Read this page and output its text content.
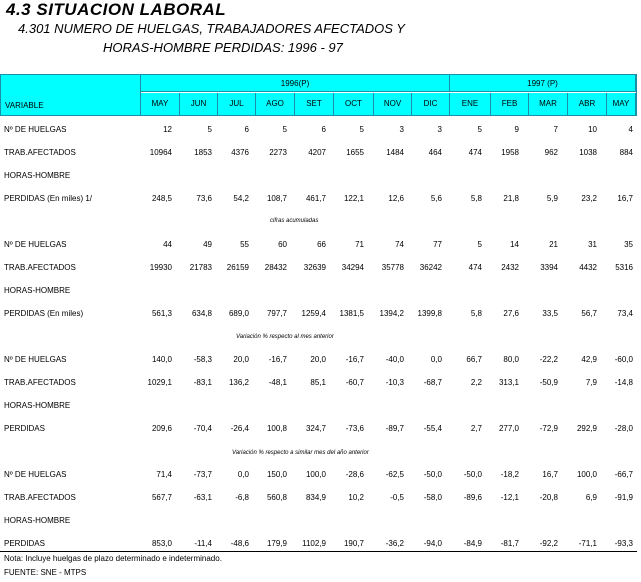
4.3 SITUACION LABORAL
4.301 NUMERO DE HUELGAS, TRABAJADORES AFECTADOS Y
HORAS-HOMBRE PERDIDAS: 1996 - 97
VARIABLE
1996(P)	1997 (P)
MAY	JUN	JUL	AGO	SET	OCT	NOV	DIC	ENE	FEB	MAR	ABR	MAY
cifras acumuladas
Variación % respecto al mes anterior
Variación % respecto a similar mes del año anterior
Nº DE HUELGAS	12	5	6	5	6	5	3	3	5	9	7	10	4
TRAB.AFECTADOS	10964	1853	4376	2273	4207	1655	1484	464	474	1958	962	1038	884
HORAS-HOMBRE
PERDIDAS (En miles) 1/	248,5	73,6	54,2	108,7	461,7	122,1	12,6	5,6	5,8	21,8	5,9	23,2	16,7
Nº DE HUELGAS	44	49	55	60	66	71	74	77	5	14	21	31	35
TRAB.AFECTADOS	19930	21783	26159	28432	32639	34294	35778	36242	474	2432	3394	4432	5316
HORAS-HOMBRE
PERDIDAS (En miles)	561,3	634,8	689,0	797,7	1259,4	1381,5	1394,2	1399,8	5,8	27,6	33,5	56,7	73,4
Nº DE HUELGAS	140,0	-58,3	20,0	-16,7	20,0	-16,7	-40,0	0,0	66,7	80,0	-22,2	42,9	-60,0
TRAB.AFECTADOS	1029,1	-83,1	136,2	-48,1	85,1	-60,7	-10,3	-68,7	2,2	313,1	-50,9	7,9	-14,8
HORAS-HOMBRE
PERDIDAS	209,6	-70,4	-26,4	100,8	324,7	-73,6	-89,7	-55,4	2,7	277,0	-72,9	292,9	-28,0
Nº DE HUELGAS	71,4	-73,7	0,0	150,0	100,0	-28,6	-62,5	-50,0	-50,0	-18,2	16,7	100,0	-66,7
TRAB.AFECTADOS	567,7	-63,1	-6,8	560,8	834,9	10,2	-0,5	-58,0	-89,6	-12,1	-20,8	6,9	-91,9
HORAS-HOMBRE
PERDIDAS	853,0	-11,4	-48,6	179,9	1102,9	190,7	-36,2	-94,0	-84,9	-81,7	-92,2	-71,1	-93,3
Nota: Incluye huelgas de plazo determinado e indeterminado.
FUENTE: SNE - MTPS
